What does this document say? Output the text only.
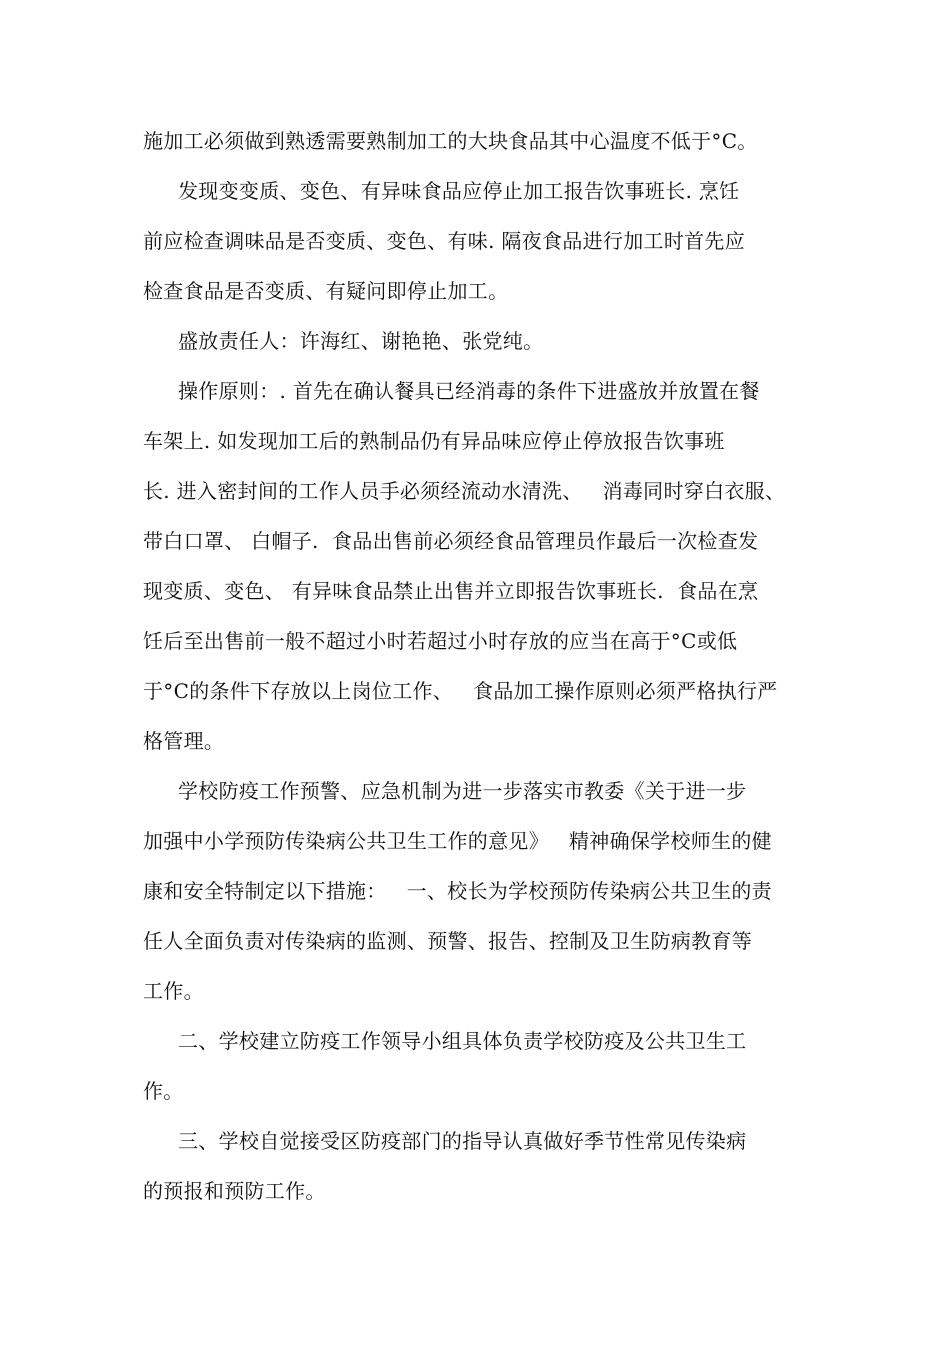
施加工必须做到熟透需要熟制加工的大块食品其中心温度不低于°C。
发现变变质、变色、有异味食品应停止加工报告饮事班长. 烹饪
前应检查调味品是否变质、变色、有味. 隔夜食品进行加工时首先应
检查食品是否变质、有疑问即停止加工。
盛放责任人：许海红、谢艳艳、张党纯。
操作原则：. 首先在确认餐具已经消毒的条件下进盛放并放置在餐
车架上. 如发现加工后的熟制品仍有异品味应停止停放报告饮事班
长. 进入密封间的工作人员手必须经流动水清洗、   消毒同时穿白衣服、
带白口罩、 白帽子.  食品出售前必须经食品管理员作最后一次检查发
现变质、变色、 有异味食品禁止出售并立即报告饮事班长.  食品在烹
饪后至出售前一般不超过小时若超过小时存放的应当在高于°C或低
于°C的条件下存放以上岗位工作、   食品加工操作原则必须严格执行严
格管理。
学校防疫工作预警、应急机制为进一步落实市教委《关于进一步
加强中小学预防传染病公共卫生工作的意见》   精神确保学校师生的健
康和安全特制定以下措施：   一、校长为学校预防传染病公共卫生的责
任人全面负责对传染病的监测、预警、报告、控制及卫生防病教育等
工作。
二、学校建立防疫工作领导小组具体负责学校防疫及公共卫生工
作。
三、学校自觉接受区防疫部门的指导认真做好季节性常见传染病
的预报和预防工作。
